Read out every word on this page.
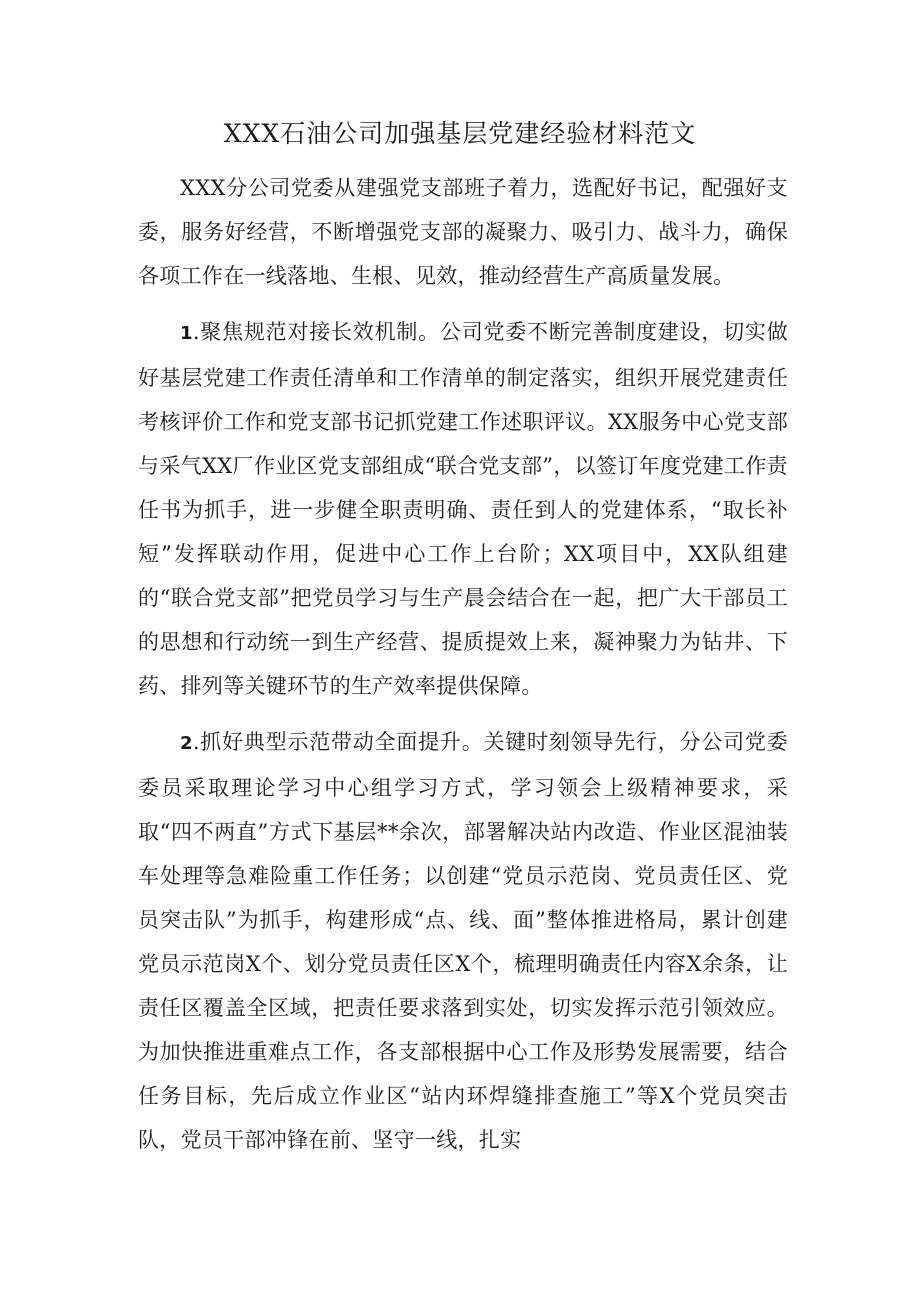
XXX石油公司加强基层党建经验材料范文

XXX分公司党委从建强党支部班子着力，选配好书记，配强好支委，服务好经营，不断增强党支部的凝聚力、吸引力、战斗力，确保各项工作在一线落地、生根、见效，推动经营生产高质量发展。

1.聚焦规范对接长效机制。公司党委不断完善制度建设，切实做好基层党建工作责任清单和工作清单的制定落实，组织开展党建责任考核评价工作和党支部书记抓党建工作述职评议。XX服务中心党支部与采气XX厂作业区党支部组成“联合党支部”，以签订年度党建工作责任书为抓手，进一步健全职责明确、责任到人的党建体系，“取长补短”发挥联动作用，促进中心工作上台阶；XX项目中，XX队组建的“联合党支部”把党员学习与生产晨会结合在一起，把广大干部员工的思想和行动统一到生产经营、提质提效上来，凝神聚力为钻井、下药、排列等关键环节的生产效率提供保障。

2.抓好典型示范带动全面提升。关键时刻领导先行，分公司党委委员采取理论学习中心组学习方式，学习领会上级精神要求，采取“四不两直”方式下基层**余次，部署解决站内改造、作业区混油装车处理等急难险重工作任务；以创建“党员示范岗、党员责任区、党员突击队”为抓手，构建形成“点、线、面”整体推进格局，累计创建党员示范岗X个、划分党员责任区X个，梳理明确责任内容X余条，让责任区覆盖全区域，把责任要求落到实处，切实发挥示范引领效应。为加快推进重难点工作，各支部根据中心工作及形势发展需要，结合任务目标，先后成立作业区“站内环焊缝排查施工”等X个党员突击队，党员干部冲锋在前、坚守一线，扎实
